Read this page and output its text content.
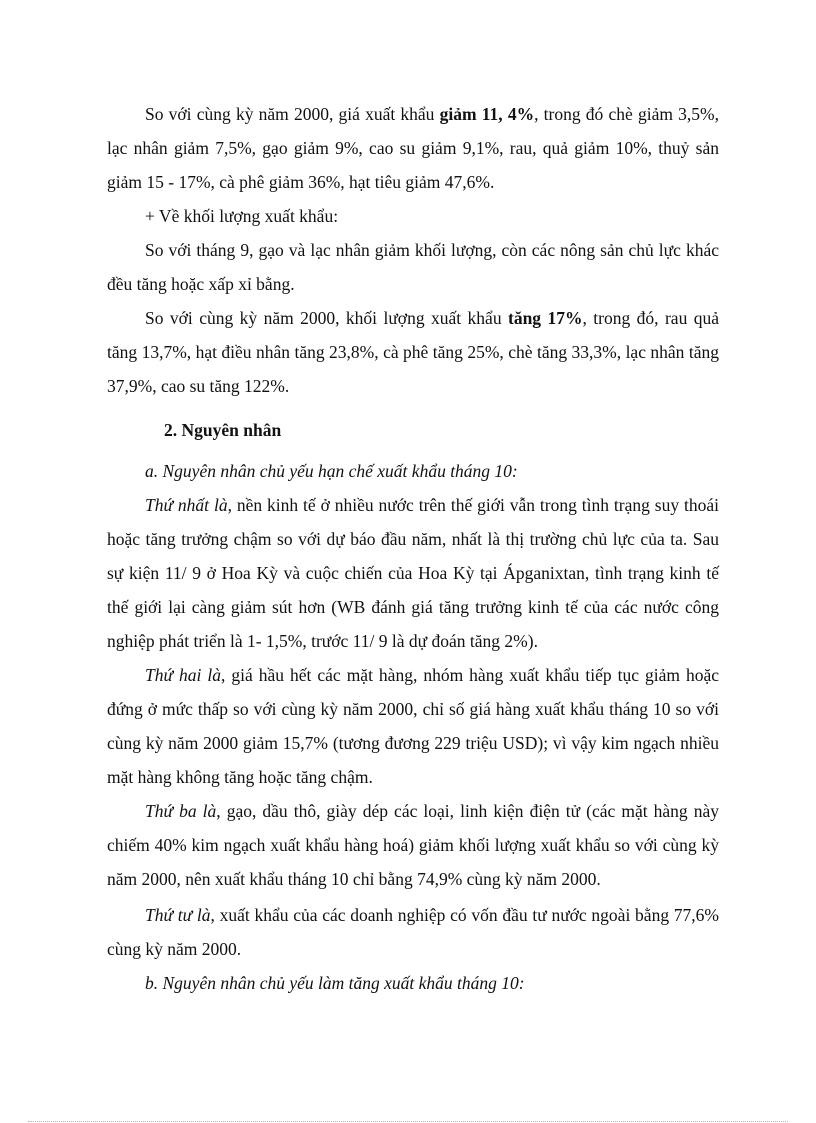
So với cùng kỳ năm 2000, giá xuất khẩu giảm 11, 4%, trong đó chè giảm 3,5%, lạc nhân giảm 7,5%, gạo giảm 9%, cao su giảm 9,1%, rau, quả giảm 10%, thuỷ sản giảm 15 - 17%, cà phê giảm 36%, hạt tiêu giảm 47,6%.

+ Về khối lượng xuất khẩu:

So với tháng 9, gạo và lạc nhân giảm khối lượng, còn các nông sản chủ lực khác đều tăng hoặc xấp xỉ bằng.

So với cùng kỳ năm 2000, khối lượng xuất khẩu tăng 17%, trong đó, rau quả tăng 13,7%, hạt điều nhân tăng 23,8%, cà phê tăng 25%, chè tăng 33,3%, lạc nhân tăng 37,9%, cao su tăng 122%.

2. Nguyên nhân

a. Nguyên nhân chủ yếu hạn chế xuất khẩu tháng 10:

Thứ nhất là, nền kinh tế ở nhiều nước trên thế giới vẫn trong tình trạng suy thoái hoặc tăng trưởng chậm so với dự báo đầu năm, nhất là thị trường chủ lực của ta. Sau sự kiện 11/ 9 ở Hoa Kỳ và cuộc chiến của Hoa Kỳ tại Ápganixtan, tình trạng kinh tế thế giới lại càng giảm sút hơn (WB đánh giá tăng trưởng kinh tế của các nước công nghiệp phát triển là 1- 1,5%, trước 11/ 9 là dự đoán tăng 2%).

Thứ hai là, giá hầu hết các mặt hàng, nhóm hàng xuất khẩu tiếp tục giảm hoặc đứng ở mức thấp so với cùng kỳ năm 2000, chỉ số giá hàng xuất khẩu tháng 10 so với cùng kỳ năm 2000 giảm 15,7% (tương đương 229 triệu USD); vì vậy kim ngạch nhiều mặt hàng không tăng hoặc tăng chậm.

Thứ ba là, gạo, dầu thô, giày dép các loại, linh kiện điện tử (các mặt hàng này chiếm 40% kim ngạch xuất khẩu hàng hoá) giảm khối lượng xuất khẩu so với cùng kỳ năm 2000, nên xuất khẩu tháng 10 chỉ bằng 74,9% cùng kỳ năm 2000.

Thứ tư là, xuất khẩu của các doanh nghiệp có vốn đầu tư nước ngoài bằng 77,6% cùng kỳ năm 2000.

b. Nguyên nhân chủ yếu làm tăng xuất khẩu tháng 10:
